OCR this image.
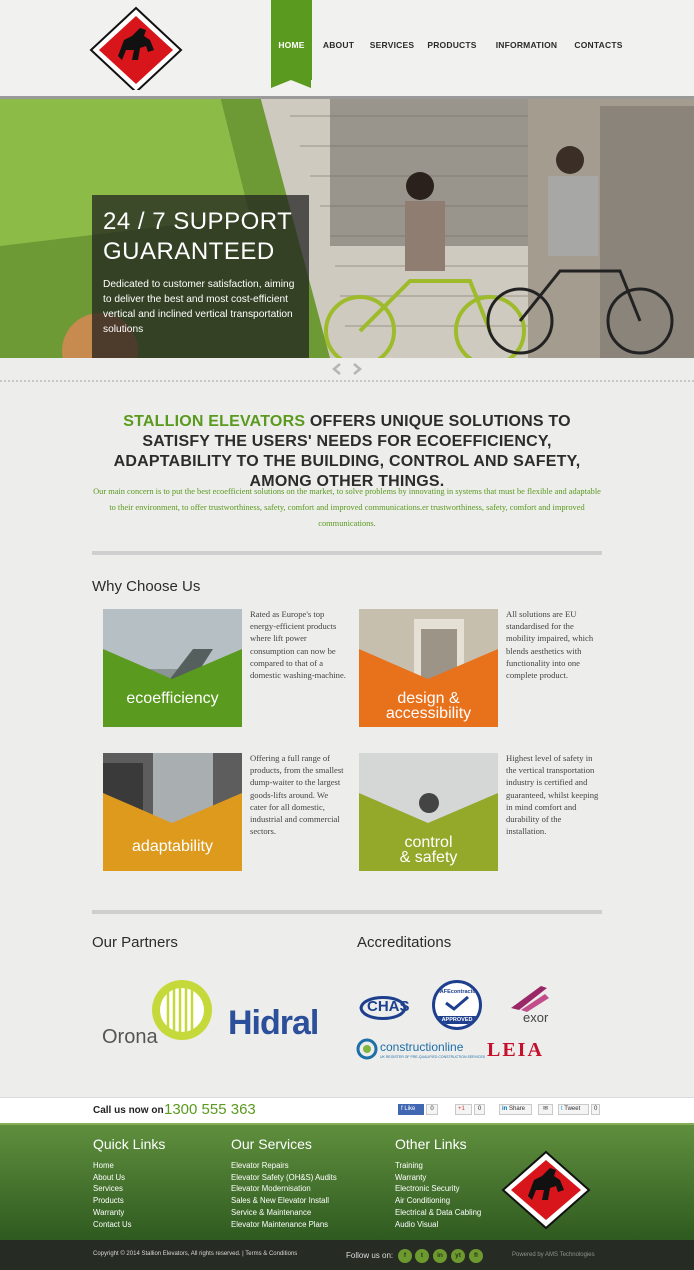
HOME	ABOUT	SERVICES	PRODUCTS	INFORMATION	CONTACTS
24 / 7 SUPPORT
GUARANTEED
Dedicated to customer satisfaction, aiming to deliver the best and most cost-efficient vertical and inclined vertical transportation solutions
STALLION ELEVATORS OFFERS UNIQUE SOLUTIONS TO SATISFY THE USERS' NEEDS FOR ECOEFFICIENCY, ADAPTABILITY TO THE BUILDING, CONTROL AND SAFETY, AMONG OTHER THINGS.
Our main concern is to put the best ecoefficient solutions on the market, to solve problems by innovating in systems that must be flexible and adaptable to their environment, to offer trustworthiness, safety, comfort and improved communications.er trustworthiness, safety, comfort and improved communications.
Why Choose Us
ecoefficiency
Rated as Europe's top energy-efficient products where lift power consumption can now be compared to that of a domestic washing-machine.
design &
accessibility
All solutions are EU standardised for the mobility impaired, which blends aesthetics with functionality into one complete product.
adaptability
Offering a full range of products, from the smallest dump-waiter to the largest goods-lifts around. We cater for all domestic, industrial and commercial sectors.
control
& safety
Highest level of safety in the vertical transportation industry is certified and guaranteed, whilst keeping in mind comfort and durability of the installation.
Our Partners
Orona Hidral
Accreditations
CHAS
SAFEcontractor
APPROVED	exor
constructionline
UK REGISTER OF PRE-QUALIFIED CONSTRUCTION SERVICES LEIA
Call us now on 1300 555 363	f Like	0	+1	0	in Share	✉	t Tweet	0
Quick Links
Home
About Us
Services
Products
Warranty
Contact Us
Our Services
Elevator Repairs
Elevator Safety (OH&S) Audits
Elevator Modernisation
Sales & New Elevator Install
Service & Maintenance
Elevator Maintenance Plans
Other Links
Training
Warranty
Electronic Security
Air Conditioning
Electrical & Data Cabling
Audio Visual
Copyright © 2014 Stallion Elevators, All rights reserved. | Terms & Conditions	Follow us on:	f	t	in	yt	fl	Powered by AMS Technologies
